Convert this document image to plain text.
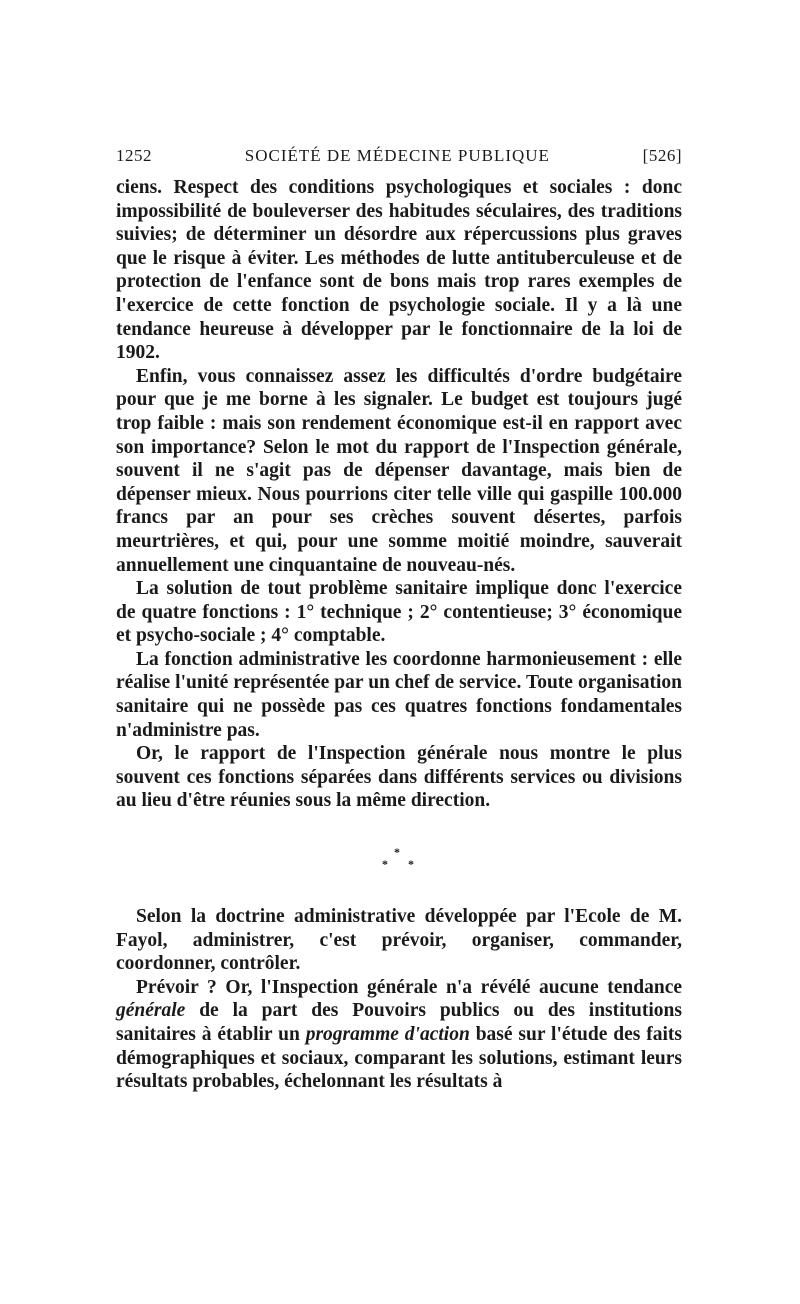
1252	SOCIÉTÉ DE MÉDECINE PUBLIQUE	[526]

ciens. Respect des conditions psychologiques et sociales : donc impossibilité de bouleverser des habitudes séculaires, des traditions suivies; de déterminer un désordre aux répercussions plus graves que le risque à éviter. Les méthodes de lutte antituberculeuse et de protection de l'enfance sont de bons mais trop rares exemples de l'exercice de cette fonction de psychologie sociale. Il y a là une tendance heureuse à développer par le fonctionnaire de la loi de 1902.

Enfin, vous connaissez assez les difficultés d'ordre budgétaire pour que je me borne à les signaler. Le budget est toujours jugé trop faible : mais son rendement économique est-il en rapport avec son importance? Selon le mot du rapport de l'Inspection générale, souvent il ne s'agit pas de dépenser davantage, mais bien de dépenser mieux. Nous pourrions citer telle ville qui gaspille 100.000 francs par an pour ses crèches souvent désertes, parfois meurtrières, et qui, pour une somme moitié moindre, sauverait annuellement une cinquantaine de nouveau-nés.

La solution de tout problème sanitaire implique donc l'exercice de quatre fonctions : 1° technique ; 2° contentieuse; 3° économique et psycho-sociale ; 4° comptable.

La fonction administrative les coordonne harmonieusement : elle réalise l'unité représentée par un chef de service. Toute organisation sanitaire qui ne possède pas ces quatres fonctions fondamentales n'administre pas.

Or, le rapport de l'Inspection générale nous montre le plus souvent ces fonctions séparées dans différents services ou divisions au lieu d'être réunies sous la même direction.

*
* *

Selon la doctrine administrative développée par l'Ecole de M. Fayol, administrer, c'est prévoir, organiser, commander, coordonner, contrôler.

Prévoir ? Or, l'Inspection générale n'a révélé aucune tendance générale de la part des Pouvoirs publics ou des institutions sanitaires à établir un programme d'action basé sur l'étude des faits démographiques et sociaux, comparant les solutions, estimant leurs résultats probables, échelonnant les résultats à
